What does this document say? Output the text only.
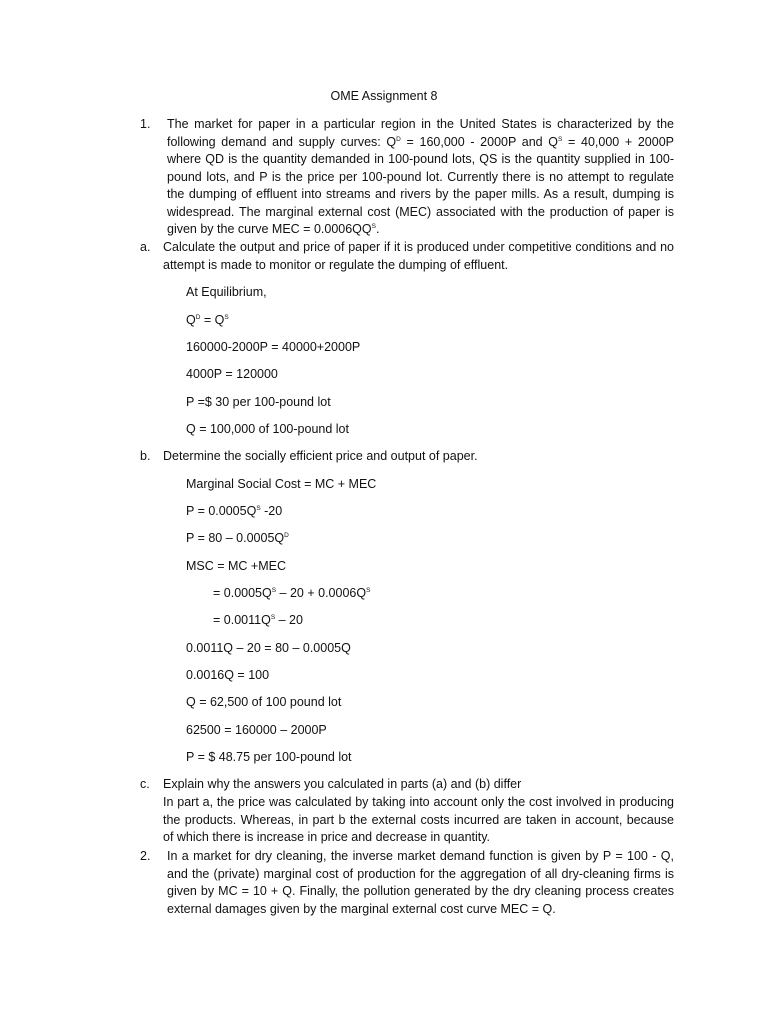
OME Assignment 8
1.	The market for paper in a particular region in the United States is characterized by the following demand and supply curves: $Q^D = 160,000 - 2000P$ and $Q^S = 40,000 + 2000P$ where QD is the quantity demanded in 100-pound lots, QS is the quantity supplied in 100-pound lots, and P is the price per 100-pound lot. Currently there is no attempt to regulate the dumping of effluent into streams and rivers by the paper mills. As a result, dumping is widespread. The marginal external cost (MEC) associated with the production of paper is given by the curve MEC = $0.0006QQ^S$.
a. Calculate the output and price of paper if it is produced under competitive conditions and no attempt is made to monitor or regulate the dumping of effluent.
At Equilibrium,
$Q^D = Q^S$
160000-2000P = 40000+2000P
4000P = 120000
P =$ 30 per 100-pound lot
Q = 100,000 of 100-pound lot
b. Determine the socially efficient price and output of paper.
Marginal Social Cost = MC + MEC
$P = 0.0005Q^S$ -20
$P = 80 - 0.0005Q^D$
MSC = MC +MEC
= $0.0005Q^S - 20 + 0.0006Q^S$
= $0.0011Q^S - 20$
0.0011Q – 20 = 80 – 0.0005Q
0.0016Q = 100
Q = 62,500 of 100 pound lot
62500 = 160000 – 2000P
P = $ 48.75 per 100-pound lot
c. Explain why the answers you calculated in parts (a) and (b) differ
In part a, the price was calculated by taking into account only the cost involved in producing the products. Whereas, in part b the external costs incurred are taken in account, because of which there is increase in price and decrease in quantity.
2.	In a market for dry cleaning, the inverse market demand function is given by P = 100 - Q, and the (private) marginal cost of production for the aggregation of all dry-cleaning firms is given by MC = 10 + Q. Finally, the pollution generated by the dry cleaning process creates external damages given by the marginal external cost curve MEC = Q.
